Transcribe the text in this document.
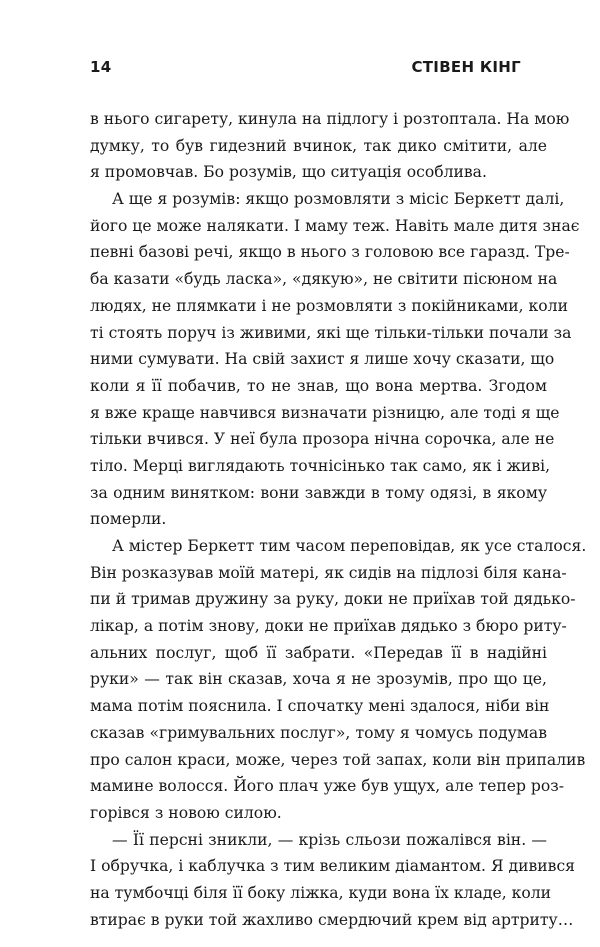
14	СТІВЕН КІНГ
в нього сигарету, кинула на підлогу і розтоптала. На мою
думку, то був гидезний вчинок, так дико смітити, але
я промовчав. Бо розумів, що ситуація особлива.
А ще я розумів: якщо розмовляти з місіс Беркетт далі,
його це може налякати. І маму теж. Навіть мале дитя знає
певні базові речі, якщо в нього з головою все гаразд. Тре-
ба казати «будь ласка», «дякую», не світити пісюном на
людях, не плямкати і не розмовляти з покійниками, коли
ті стоять поруч із живими, які ще тільки-тільки почали за
ними сумувати. На свій захист я лише хочу сказати, що
коли я її побачив, то не знав, що вона мертва. Згодом
я вже краще навчився визначати різницю, але тоді я ще
тільки вчився. У неї була прозора нічна сорочка, але не
тіло. Мерці виглядають точнісінько так само, як і живі,
за одним винятком: вони завжди в тому одязі, в якому
померли.
А містер Беркетт тим часом переповідав, як усе сталося.
Він розказував моїй матері, як сидів на підлозі біля кана-
пи й тримав дружину за руку, доки не приїхав той дядько-
лікар, а потім знову, доки не приїхав дядько з бюро риту-
альних послуг, щоб її забрати. «Передав її в надійні
руки» — так він сказав, хоча я не зрозумів, про що це,
мама потім пояснила. І спочатку мені здалося, ніби він
сказав «гримувальних послуг», тому я чомусь подумав
про салон краси, може, через той запах, коли він припалив
мамине волосся. Його плач уже був ущух, але тепер роз-
горівся з новою силою.
— Її персні зникли, — крізь сльози пожалівся він. —
І обручка, і каблучка з тим великим діамантом. Я дивився
на тумбочці біля її боку ліжка, куди вона їх кладе, коли
втирає в руки той жахливо смердючий крем від артриту…
